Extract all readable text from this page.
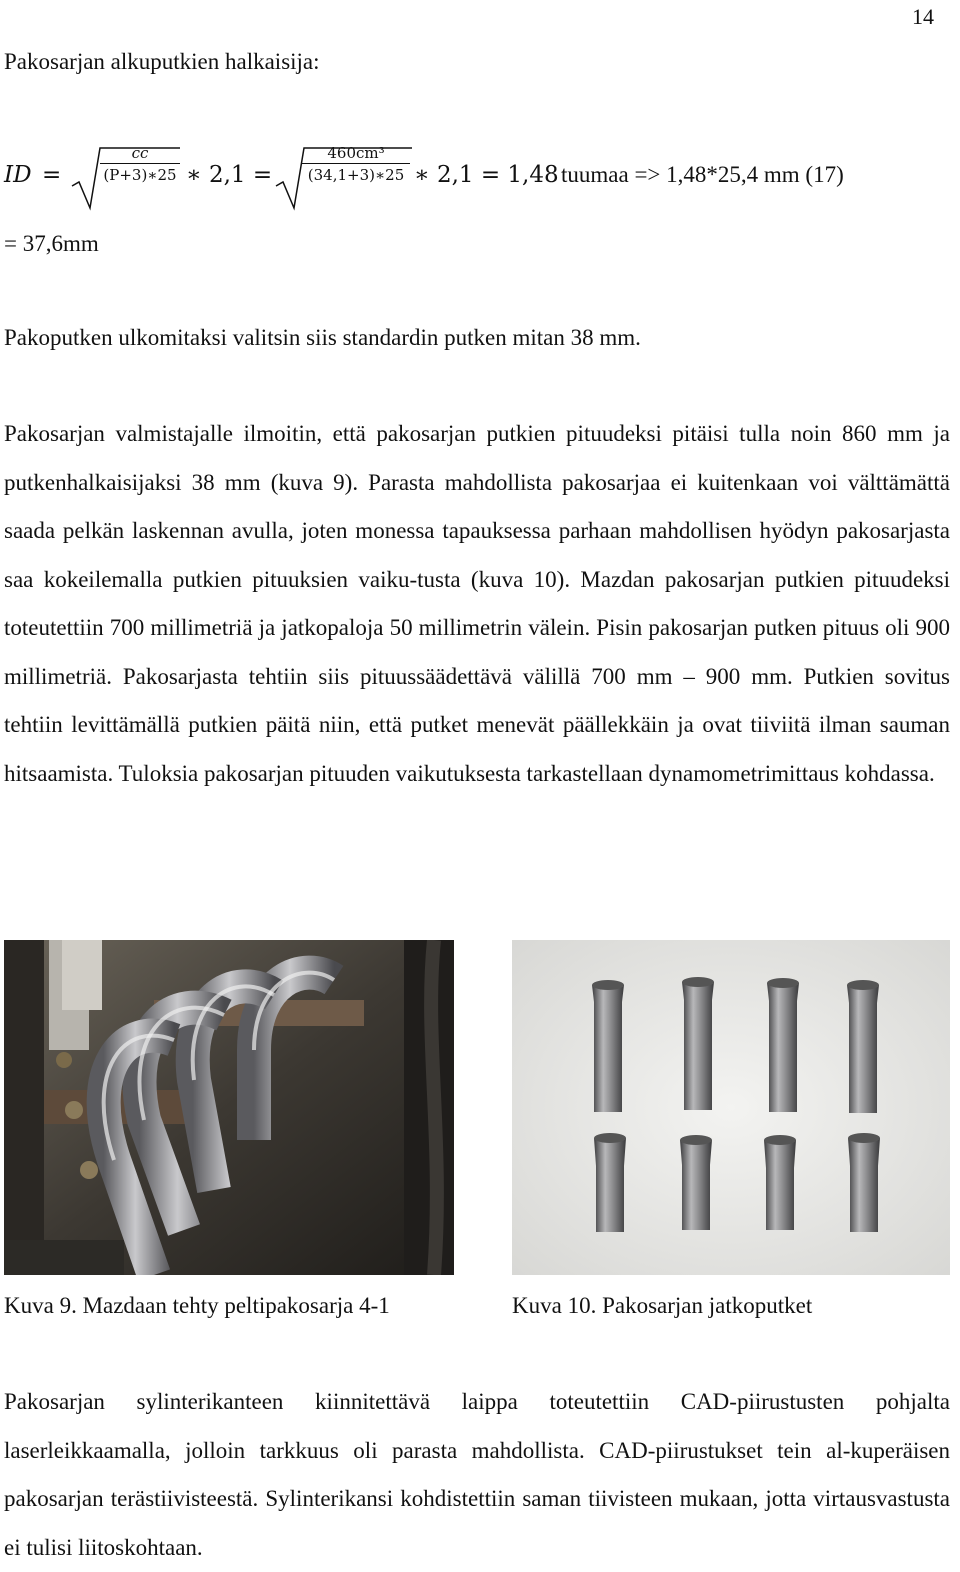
14

Pakosarjan alkuputkien halkaisija:

ID =	$\frac{cc}{(P+3)∗25}$ ∗ $2,1 = \frac{\text{460cm³}}{(34,1+3)∗25}$ ∗ 2,1 = 1,48 tuumaa => 1,48*25,4 mm (17)

= 37,6mm

Pakoputken ulkomitaksi valitsin siis standardin putken mitan 38 mm.

Pakosarjan valmistajalle ilmoitin, että pakosarjan putkien pituudeksi pitäisi tulla noin 860 mm ja putkenhalkaisijaksi 38 mm (kuva 9). Parasta mahdollista pakosarjaa ei kuitenkaan voi välttämättä saada pelkän laskennan avulla, joten monessa tapauksessa parhaan mahdollisen hyödyn pakosarjasta saa kokeilemalla putkien pituuksien vaiku-tusta (kuva 10). Mazdan pakosarjan putkien pituudeksi toteutettiin 700 millimetriä ja jatkopaloja 50 millimetrin välein. Pisin pakosarjan putken pituus oli 900 millimetriä. Pakosarjasta tehtiin siis pituussäädettävä välillä 700 mm – 900 mm. Putkien sovitus tehtiin levittämällä putkien päitä niin, että putket menevät päällekkäin ja ovat tiiviitä ilman sauman hitsaamista. Tuloksia pakosarjan pituuden vaikutuksesta tarkastellaan dynamometrimittaus kohdassa.

Kuva 9. Mazdaan tehty peltipakosarja 4-1	Kuva 10. Pakosarjan jatkoputket

Pakosarjan sylinterikanteen kiinnitettävä laippa toteutettiin CAD-piirustusten pohjalta laserleikkaamalla, jolloin tarkkuus oli parasta mahdollista. CAD-piirustukset tein al-kuperäisen pakosarjan terästiivisteestä. Sylinterikansi kohdistettiin saman tiivisteen mukaan, jotta virtausvastusta ei tulisi liitoskohtaan.
